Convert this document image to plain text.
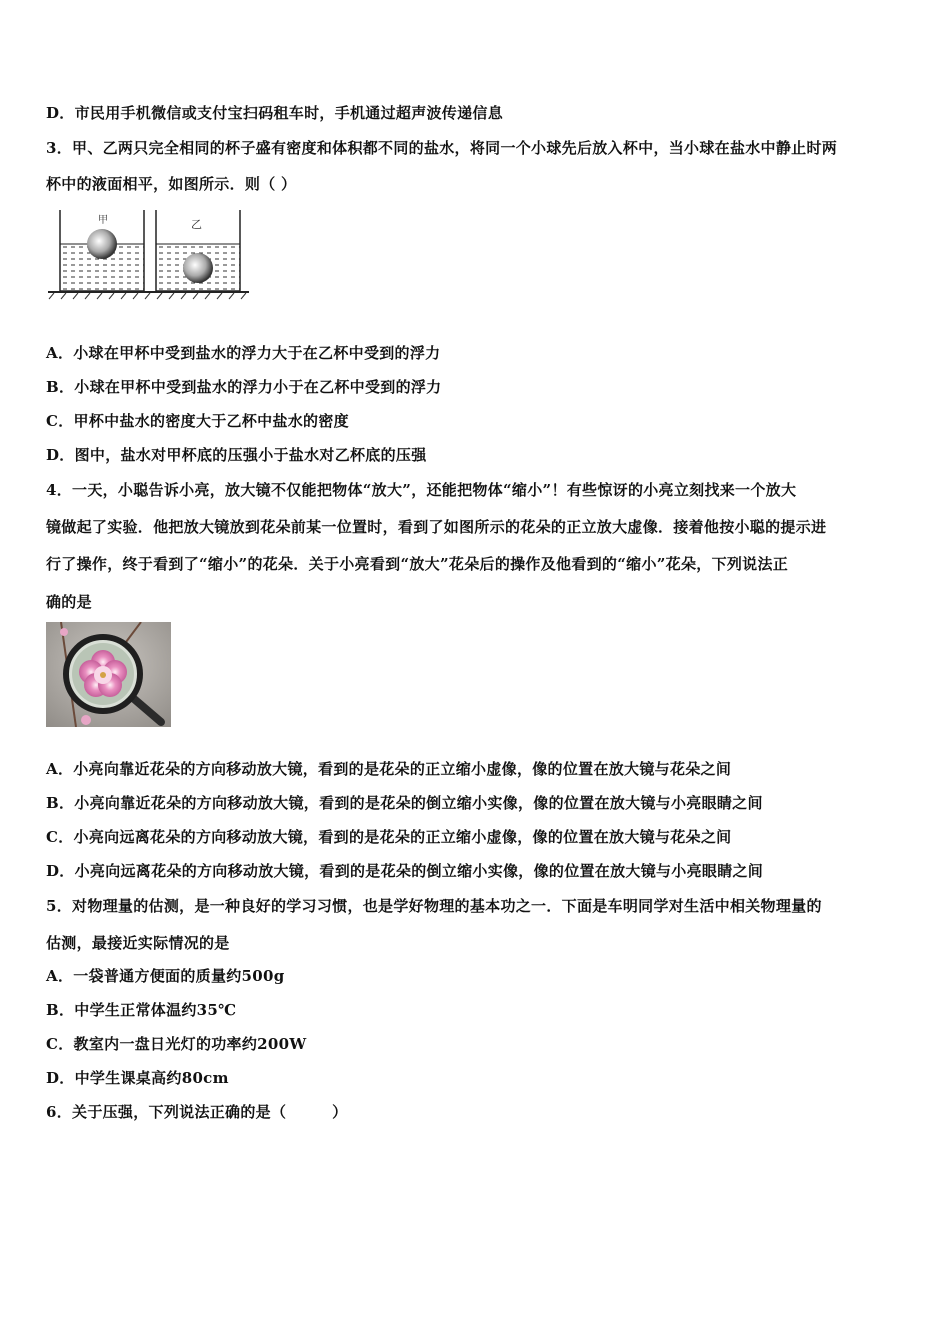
D．市民用手机微信或支付宝扫码租车时，手机通过超声波传递信息
3．甲、乙两只完全相同的杯子盛有密度和体积都不同的盐水，将同一个小球先后放入杯中，当小球在盐水中静止时两
杯中的液面相平，如图所示．则（ ）
甲	乙
A．小球在甲杯中受到盐水的浮力大于在乙杯中受到的浮力
B．小球在甲杯中受到盐水的浮力小于在乙杯中受到的浮力
C．甲杯中盐水的密度大于乙杯中盐水的密度
D．图中，盐水对甲杯底的压强小于盐水对乙杯底的压强
4．一天，小聪告诉小亮，放大镜不仅能把物体“放大”，还能把物体“缩小”！有些惊讶的小亮立刻找来一个放大
镜做起了实验．他把放大镜放到花朵前某一位置时，看到了如图所示的花朵的正立放大虚像．接着他按小聪的提示进
行了操作，终于看到了“缩小”的花朵．关于小亮看到“放大”花朵后的操作及他看到的“缩小”花朵，下列说法正
确的是
A．小亮向靠近花朵的方向移动放大镜，看到的是花朵的正立缩小虚像，像的位置在放大镜与花朵之间
B．小亮向靠近花朵的方向移动放大镜，看到的是花朵的倒立缩小实像，像的位置在放大镜与小亮眼睛之间
C．小亮向远离花朵的方向移动放大镜，看到的是花朵的正立缩小虚像，像的位置在放大镜与花朵之间
D．小亮向远离花朵的方向移动放大镜，看到的是花朵的倒立缩小实像，像的位置在放大镜与小亮眼睛之间
5．对物理量的估测，是一种良好的学习习惯，也是学好物理的基本功之一．下面是车明同学对生活中相关物理量的
估测，最接近实际情况的是
A．一袋普通方便面的质量约500g
B．中学生正常体温约35℃
C．教室内一盘日光灯的功率约200W
D．中学生课桌高约80cm
6．关于压强，下列说法正确的是（　　　）
